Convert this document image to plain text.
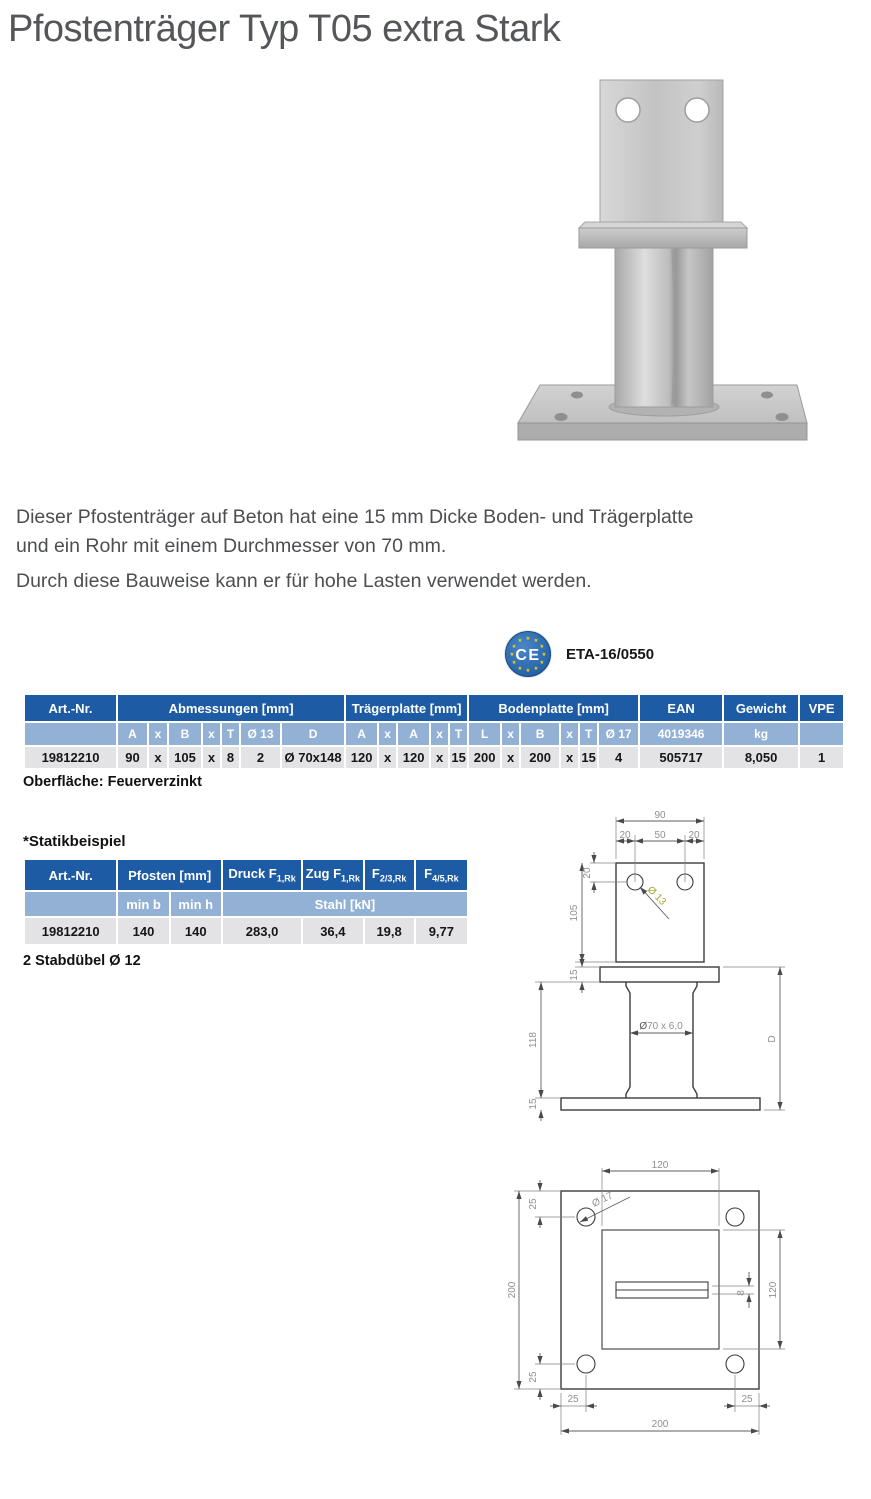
Pfostenträger Typ T05 extra Stark
Dieser Pfostenträger auf Beton hat eine 15 mm Dicke Boden- und Trägerplatte
und ein Rohr mit einem Durchmesser von 70 mm.
Durch diese Bauweise kann er für hohe Lasten verwendet werden.
★ ★
★
★
★
★
★
★
★
★
★
★
CE ETA-16/0550
Art.-Nr.	Abmessungen [mm]							Trägerplatte [mm]					Bodenplatte [mm]						EAN	Gewicht	VPE
	A	x	B	x	T	Ø 13	D	A	x	A	x	T	L	x	B	x	T	Ø 17	4019346	kg	
19812210	90	x	105	x	8	2	Ø 70x148	120	x	120	x	15	200	x	200	x	15	4	505717	8,050	1
Oberfläche: Feuerverzinkt
*Statikbeispiel
Art.-Nr.	Pfosten [mm]		Druck $F_{1,Rk}$	Zug $F_{1,Rk}$	$F_{2/3,Rk}$	$F_{4/5,Rk}$
	min b	min h	Stahl [kN]			
19812210	140	140	283,0	36,4	19,8	9,77
2 Stabdübel Ø 12
90
20 50 20
20
105
15
118
15
D
Ø 13
Ø70 x 6,0
120
Ø 17
25
200
25
25	25
200
120
8
